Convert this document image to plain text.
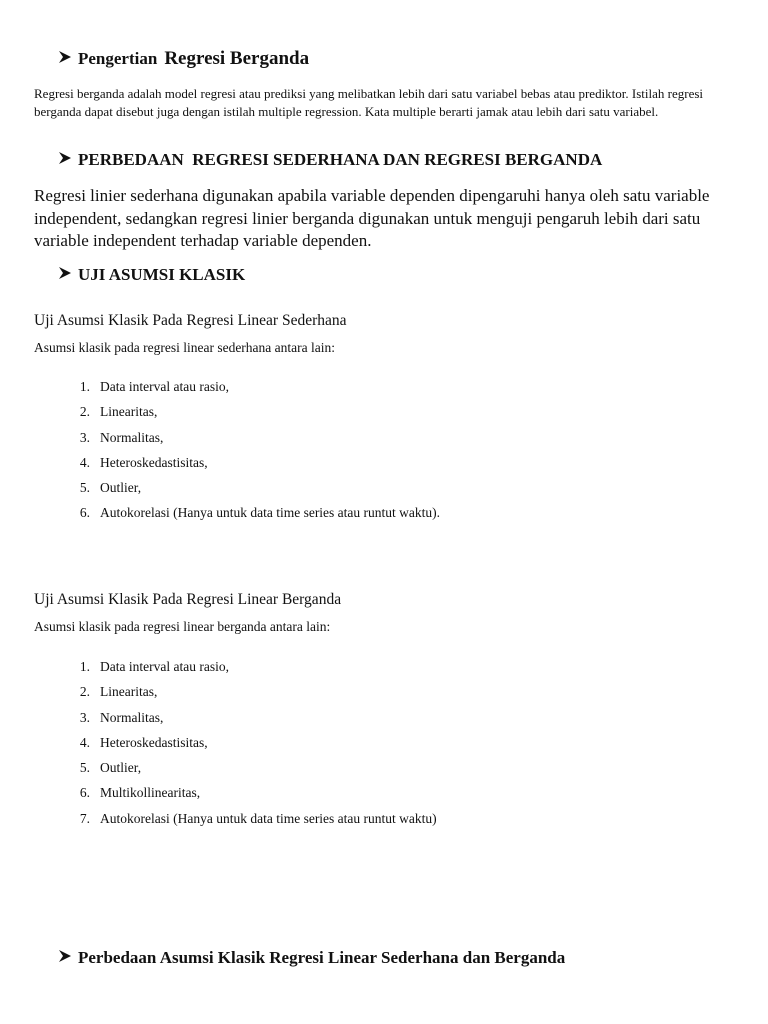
Pengertian Regresi Berganda
Regresi berganda adalah model regresi atau prediksi yang melibatkan lebih dari satu variabel bebas atau prediktor. Istilah regresi berganda dapat disebut juga dengan istilah multiple regression. Kata multiple berarti jamak atau lebih dari satu variabel.
PERBEDAAN  REGRESI SEDERHANA DAN REGRESI BERGANDA
Regresi linier sederhana digunakan apabila variable dependen dipengaruhi hanya oleh satu variable independent, sedangkan regresi linier berganda digunakan untuk menguji pengaruh lebih dari satu variable independent terhadap variable dependen.
UJI ASUMSI KLASIK
Uji Asumsi Klasik Pada Regresi Linear Sederhana
Asumsi klasik pada regresi linear sederhana antara lain:
1. Data interval atau rasio,
2. Linearitas,
3. Normalitas,
4. Heteroskedastisitas,
5. Outlier,
6. Autokorelasi (Hanya untuk data time series atau runtut waktu).
Uji Asumsi Klasik Pada Regresi Linear Berganda
Asumsi klasik pada regresi linear berganda antara lain:
1. Data interval atau rasio,
2. Linearitas,
3. Normalitas,
4. Heteroskedastisitas,
5. Outlier,
6. Multikollinearitas,
7. Autokorelasi (Hanya untuk data time series atau runtut waktu)
Perbedaan Asumsi Klasik Regresi Linear Sederhana dan Berganda
